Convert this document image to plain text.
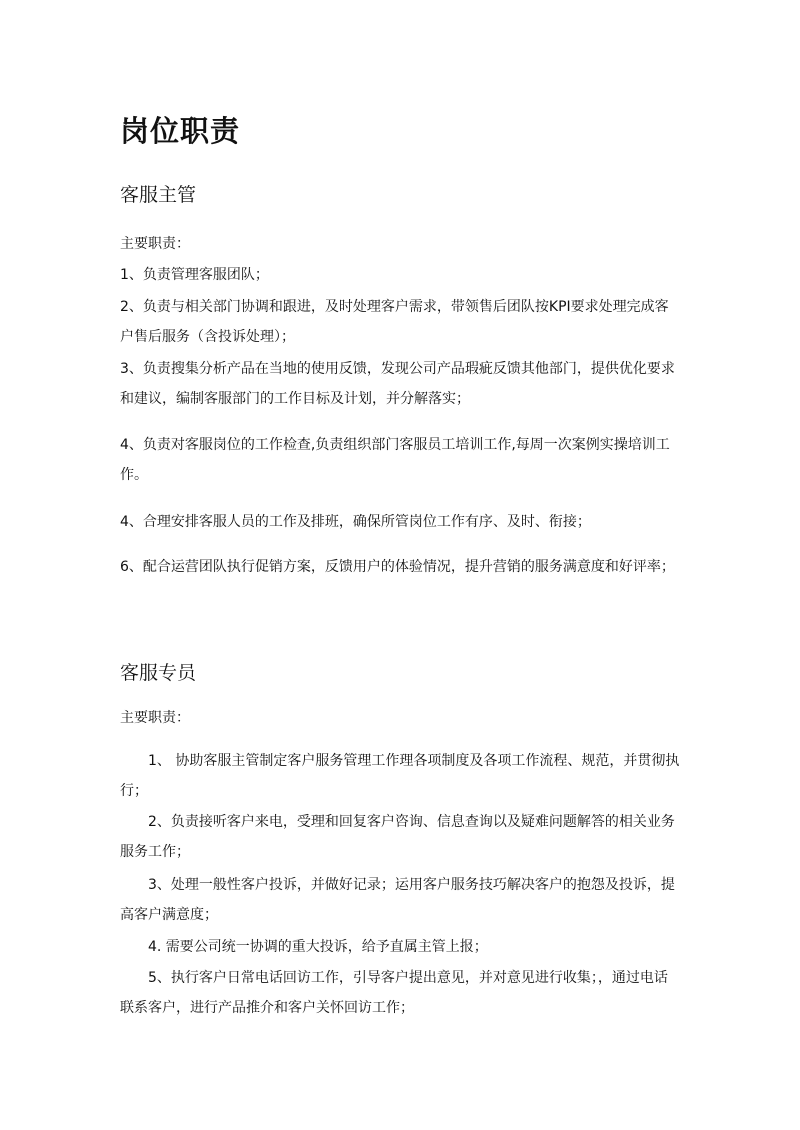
岗位职责
客服主管

主要职责：

1、负责管理客服团队；

2、负责与相关部门协调和跟进，及时处理客户需求，带领售后团队按KPI要求处理完成客
户售后服务（含投诉处理）；

3、负责搜集分析产品在当地的使用反馈，发现公司产品瑕疵反馈其他部门，提供优化要求
和建议，编制客服部门的工作目标及计划，并分解落实；

4、负责对客服岗位的工作检查,负责组织部门客服员工培训工作,每周一次案例实操培训工
作。

4、合理安排客服人员的工作及排班，确保所管岗位工作有序、及时、衔接；

6、配合运营团队执行促销方案，反馈用户的体验情况，提升营销的服务满意度和好评率；

客服专员

主要职责：

1、 协助客服主管制定客户服务管理工作理各项制度及各项工作流程、规范，并贯彻执
行；

2、负责接听客户来电，受理和回复客户咨询、信息查询以及疑难问题解答的相关业务
服务工作；

3、处理一般性客户投诉，并做好记录；运用客户服务技巧解决客户的抱怨及投诉，提
高客户满意度；

4. 需要公司统一协调的重大投诉，给予直属主管上报；

5、执行客户日常电话回访工作，引导客户提出意见，并对意见进行收集；，通过电话
联系客户，进行产品推介和客户关怀回访工作；
